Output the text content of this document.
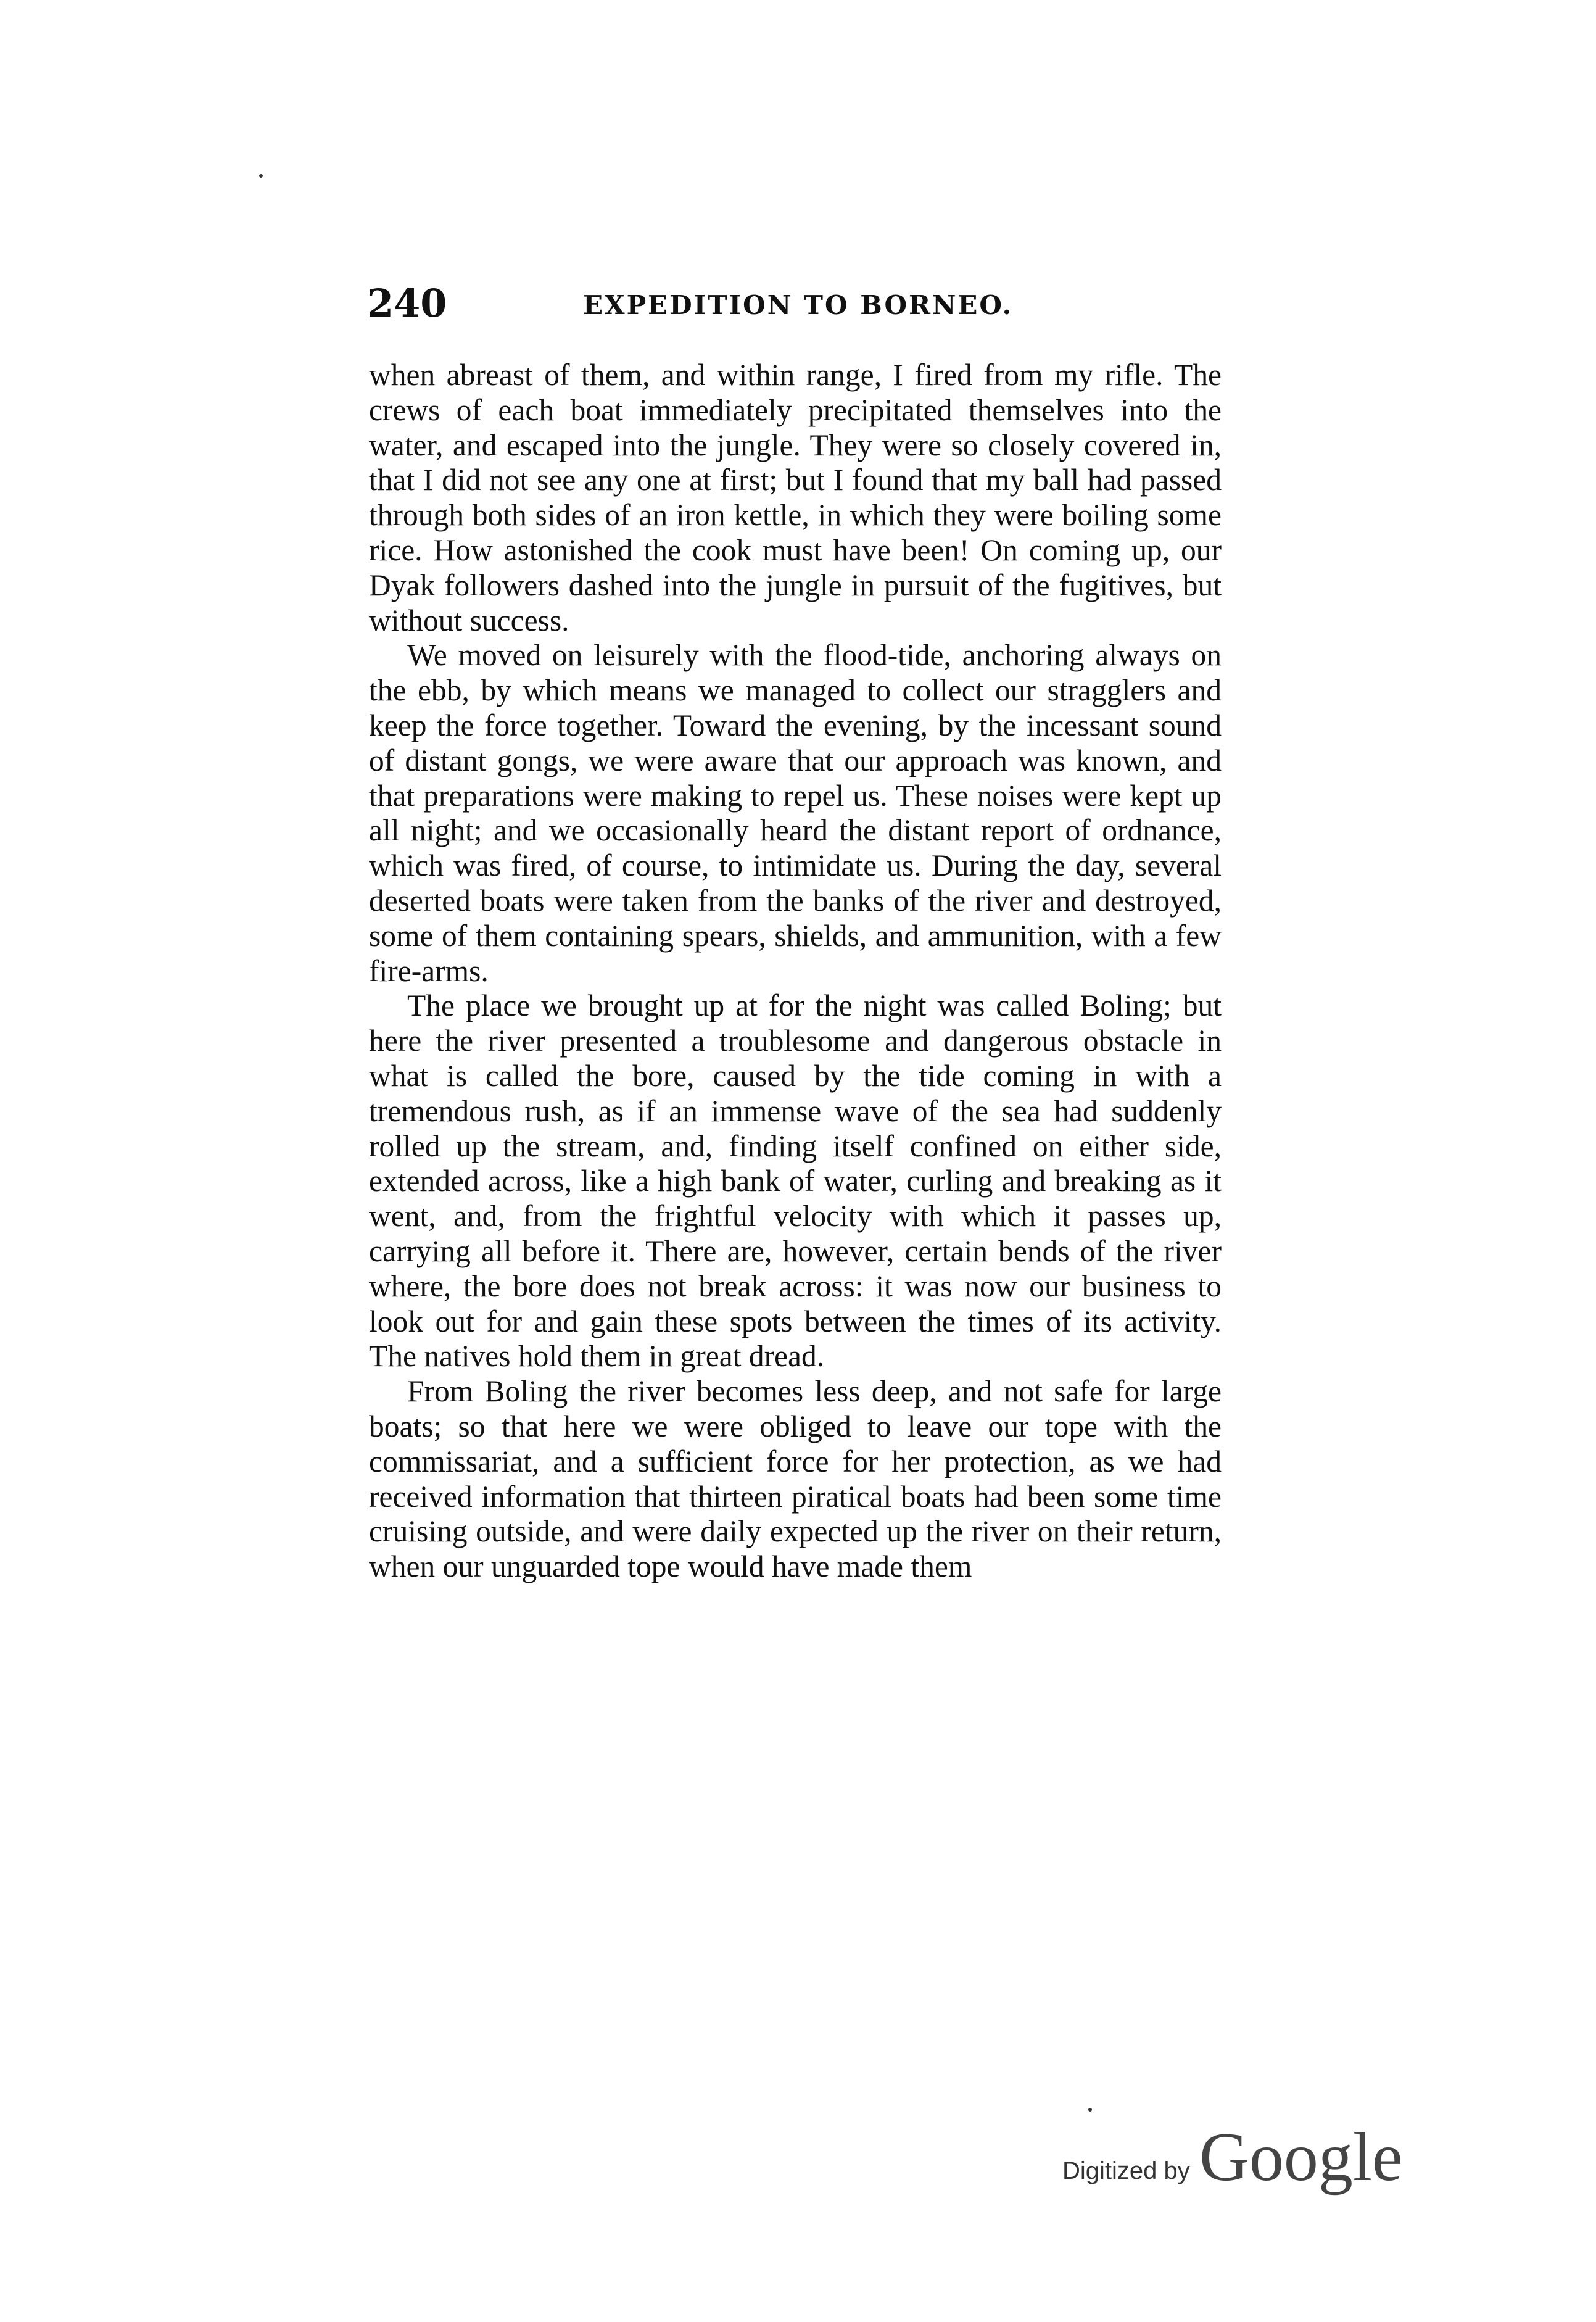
240	EXPEDITION TO BORNEO.

when abreast of them, and within range, I fired from my rifle. The crews of each boat immediately precipitated themselves into the water, and escaped into the jungle. They were so closely covered in, that I did not see any one at first; but I found that my ball had passed through both sides of an iron kettle, in which they were boiling some rice. How astonished the cook must have been! On coming up, our Dyak followers dashed into the jungle in pursuit of the fugitives, but without success.

We moved on leisurely with the flood-tide, anchoring always on the ebb, by which means we managed to collect our stragglers and keep the force together. Toward the evening, by the incessant sound of distant gongs, we were aware that our approach was known, and that preparations were making to repel us. These noises were kept up all night; and we occasionally heard the distant report of ordnance, which was fired, of course, to intimidate us. During the day, several deserted boats were taken from the banks of the river and destroyed, some of them containing spears, shields, and ammunition, with a few fire-arms.

The place we brought up at for the night was called Boling; but here the river presented a troublesome and dangerous obstacle in what is called the bore, caused by the tide coming in with a tremendous rush, as if an immense wave of the sea had suddenly rolled up the stream, and, finding itself confined on either side, extended across, like a high bank of water, curling and breaking as it went, and, from the frightful velocity with which it passes up, carrying all before it. There are, however, certain bends of the river where, the bore does not break across: it was now our business to look out for and gain these spots between the times of its activity. The natives hold them in great dread.

From Boling the river becomes less deep, and not safe for large boats; so that here we were obliged to leave our tope with the commissariat, and a sufficient force for her protection, as we had received information that thirteen piratical boats had been some time cruising outside, and were daily expected up the river on their return, when our unguarded tope would have made them

Digitized by Google
